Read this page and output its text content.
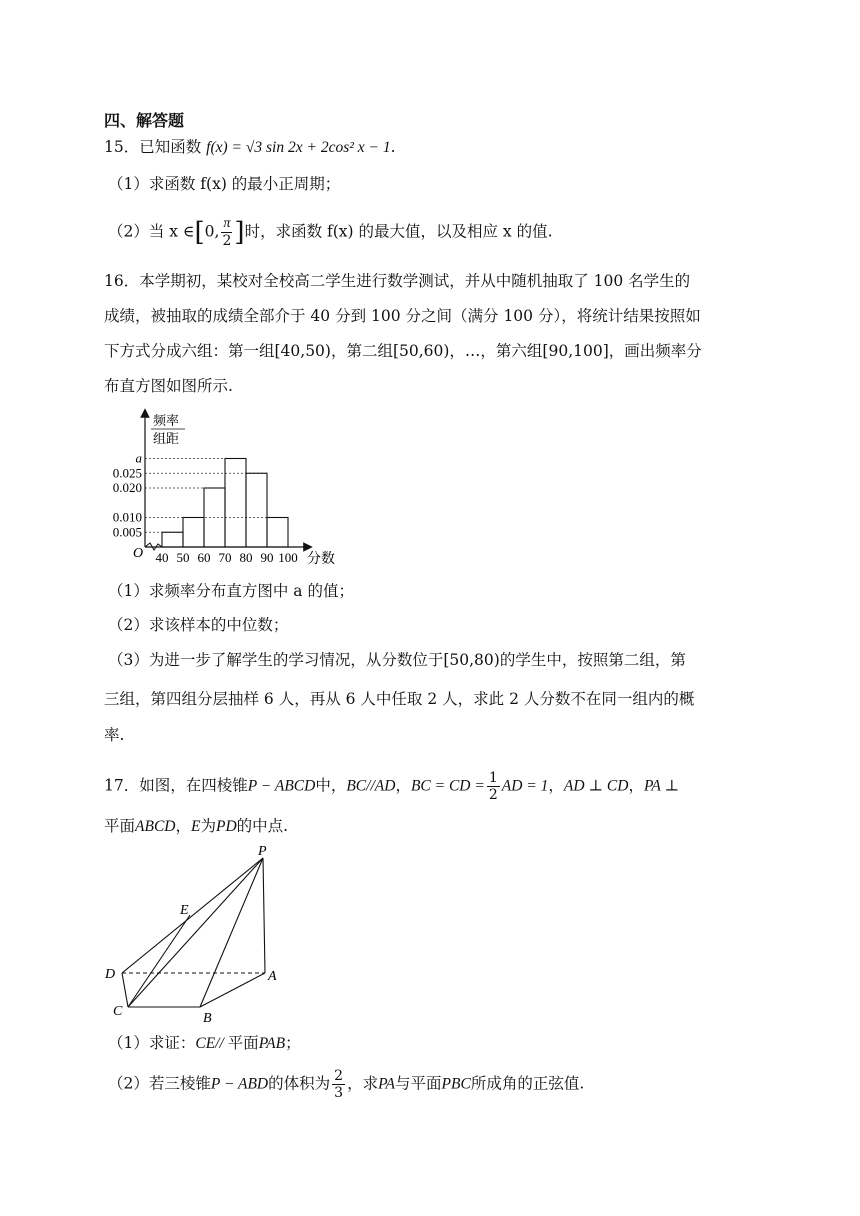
四、解答题
15．已知函数 f(x) = √3 sin 2x + 2cos² x − 1.
（1）求函数 f(x) 的最小正周期；
（2）当 x ∈[0, $\frac{\pi}{2}$ ]时，求函数 f(x) 的最大值，以及相应 x 的值.
16．本学期初，某校对全校高二学生进行数学测试，并从中随机抽取了 100 名学生的
成绩，被抽取的成绩全部介于 40 分到 100 分之间（满分 100 分），将统计结果按照如
下方式分成六组：第一组[40,50)，第二组[50,60)，…，第六组[90,100]，画出频率分
布直方图如图所示.
频率
组距
a
0.025
0.020
0.010
0.005
40 50 60 70 80 90 100 分数
O
（1）求频率分布直方图中 a 的值；
（2）求该样本的中位数；
（3）为进一步了解学生的学习情况，从分数位于[50,80)的学生中，按照第二组，第
三组，第四组分层抽样 6 人，再从 6 人中任取 2 人，求此 2 人分数不在同一组内的概
率.
17．如图，在四棱锥P − ABCD中，BC//AD，BC = CD = $\frac{1}{2}$ AD = 1，AD ⊥ CD，PA ⊥
平面ABCD，E为PD的中点.
P
E
D	A
C	B
（1）求证：CE// 平面PAB；
（2）若三棱锥P − ABD的体积为 $\frac{2}{3}$ ，求PA与平面PBC所成角的正弦值.
